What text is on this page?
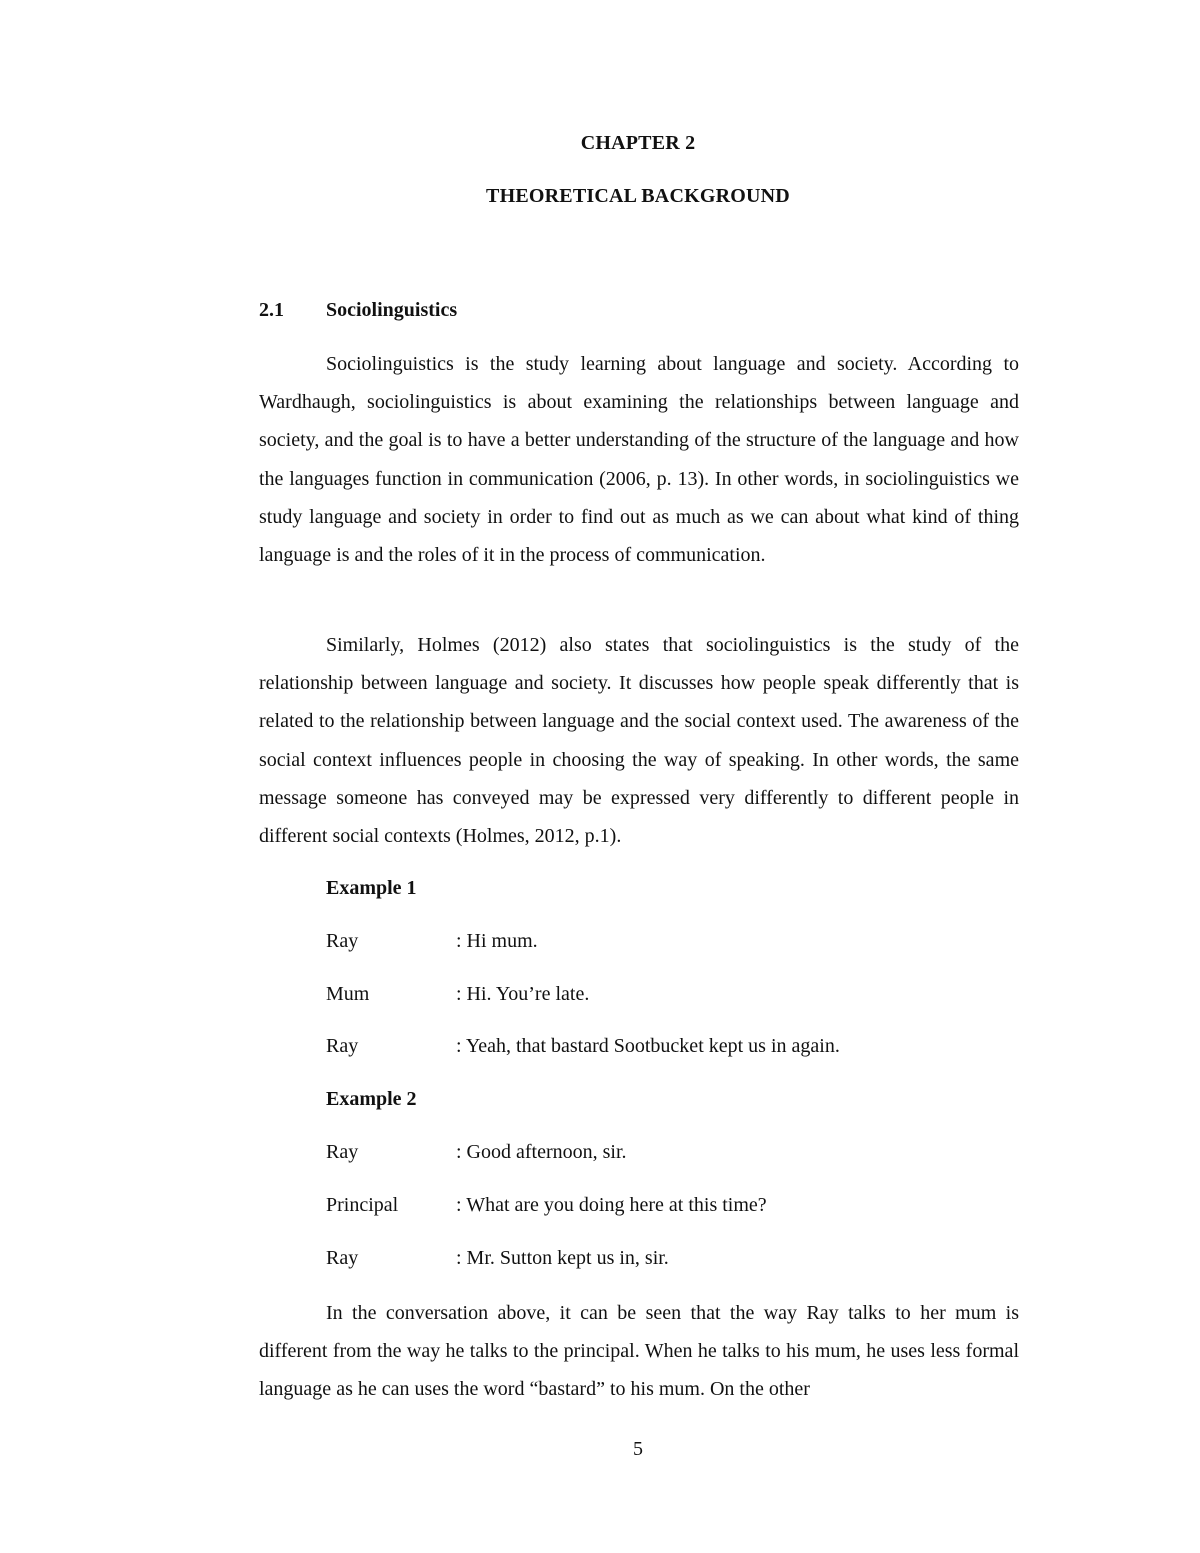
CHAPTER 2
THEORETICAL BACKGROUND
2.1 Sociolinguistics

Sociolinguistics is the study learning about language and society. According to Wardhaugh, sociolinguistics is about examining the relationships between language and society, and the goal is to have a better understanding of the structure of the language and how the languages function in communication (2006, p. 13). In other words, in sociolinguistics we study language and society in order to find out as much as we can about what kind of thing language is and the roles of it in the process of communication.

Similarly, Holmes (2012) also states that sociolinguistics is the study of the relationship between language and society. It discusses how people speak differently that is related to the relationship between language and the social context used. The awareness of the social context influences people in choosing the way of speaking. In other words, the same message someone has conveyed may be expressed very differently to different people in different social contexts (Holmes, 2012, p.1).

Example 1

Ray	: Hi mum.

Mum	: Hi. You’re late.

Ray	: Yeah, that bastard Sootbucket kept us in again.

Example 2

Ray	: Good afternoon, sir.

Principal	: What are you doing here at this time?

Ray	: Mr. Sutton kept us in, sir.

In the conversation above, it can be seen that the way Ray talks to her mum is different from the way he talks to the principal. When he talks to his mum, he uses less formal language as he can uses the word “bastard” to his mum. On the other

5
